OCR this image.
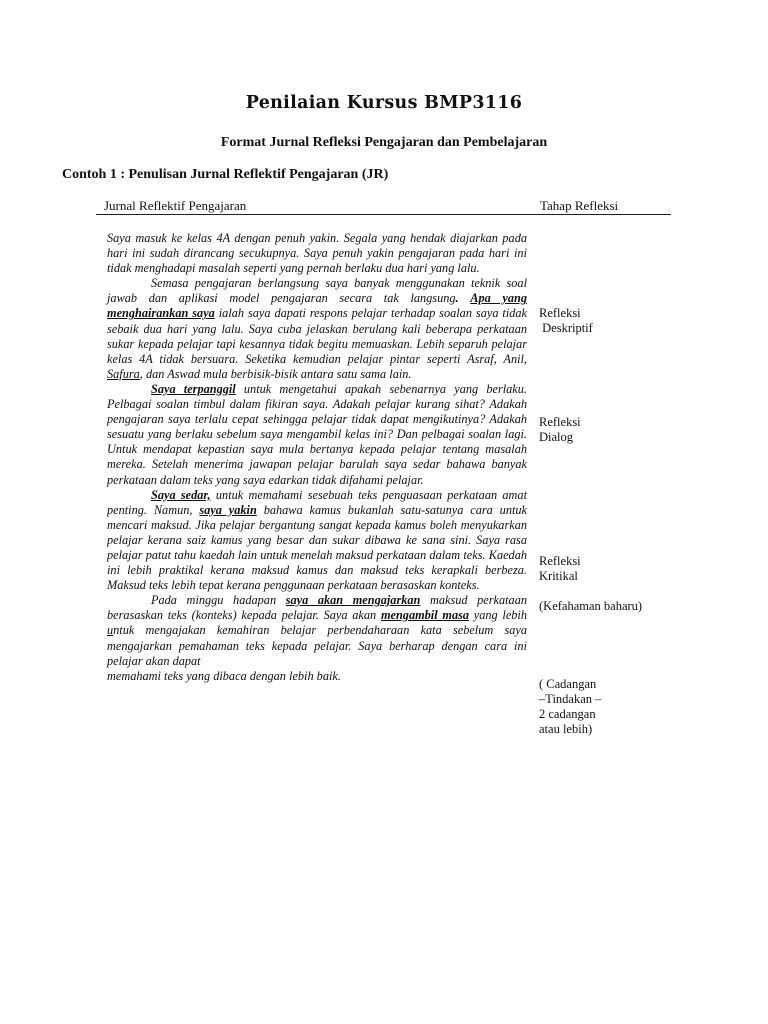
Penilaian Kursus BMP3116
Format Jurnal Refleksi Pengajaran dan Pembelajaran
Contoh 1 : Penulisan Jurnal Reflektif Pengajaran (JR)
Jurnal Reflektif Pengajaran	Tahap Refleksi

Saya masuk ke kelas 4A dengan penuh yakin. Segala yang hendak diajarkan pada hari ini sudah dirancang secukupnya. Saya penuh yakin pengajaran pada hari ini tidak menghadapi masalah seperti yang pernah berlaku dua hari yang lalu.

Semasa pengajaran berlangsung saya banyak menggunakan teknik soal jawab dan aplikasi model pengajaran secara tak langsung. Apa yang menghairankan saya ialah saya dapati respons pelajar terhadap soalan saya tidak sebaik dua hari yang lalu. Saya cuba jelaskan berulang kali beberapa perkataan sukar kepada pelajar tapi kesannya tidak begitu memuaskan. Lebih separuh pelajar kelas 4A tidak bersuara. Seketika kemudian pelajar pintar seperti Asraf, Anil, Safura, dan Aswad mula berbisik-bisik antara satu sama lain.

Saya terpanggil untuk mengetahui apakah sebenarnya yang berlaku. Pelbagai soalan timbul dalam fikiran saya. Adakah pelajar kurang sihat? Adakah pengajaran saya terlalu cepat sehingga pelajar tidak dapat mengikutinya? Adakah sesuatu yang berlaku sebelum saya mengambil kelas ini? Dan pelbagai soalan lagi. Untuk mendapat kepastian saya mula bertanya kepada pelajar tentang masalah mereka. Setelah menerima jawapan pelajar barulah saya sedar bahawa banyak perkataan dalam teks yang saya edarkan tidak difahami pelajar.

Saya sedar, untuk memahami sesebuah teks penguasaan perkataan amat penting. Namun, saya yakin bahawa kamus bukanlah satu-satunya cara untuk mencari maksud. Jika pelajar bergantung sangat kepada kamus boleh menyukarkan pelajar kerana saiz kamus yang besar dan sukar dibawa ke sana sini. Saya rasa pelajar patut tahu kaedah lain untuk menelah maksud perkataan dalam teks. Kaedah ini lebih praktikal kerana maksud kamus dan maksud teks kerapkali berbeza. Maksud teks lebih tepat kerana penggunaan perkataan berasaskan konteks.

Pada minggu hadapan saya akan mengajarkan maksud perkataan berasaskan teks (konteks) kepada pelajar. Saya akan mengambil masa yang lebih untuk mengajakan kemahiran belajar perbendaharaan kata sebelum saya mengajarkan pemahaman teks kepada pelajar. Saya berharap dengan cara ini pelajar akan dapat

memahami teks yang dibaca dengan lebih baik.

Refleksi
Deskriptif
Refleksi
Dialog
Refleksi
Kritikal
(Kefahaman baharu)
( Cadangan
–Tindakan –
2 cadangan
atau lebih)
